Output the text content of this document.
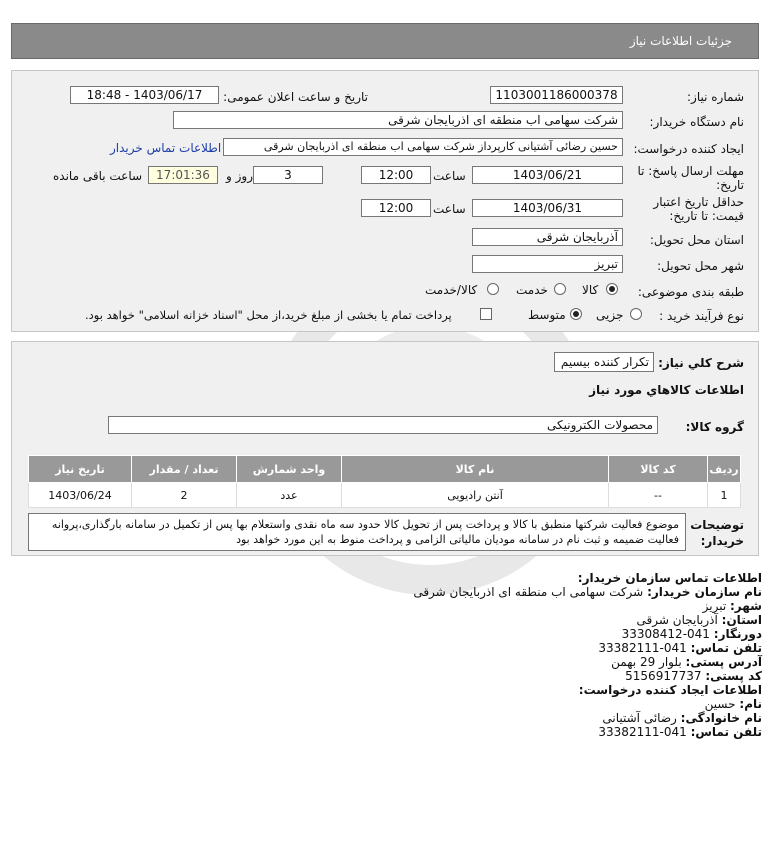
جزئیات اطلاعات نیاز
شماره نیاز:
1103001186000378
تاریخ و ساعت اعلان عمومی:
1403/06/17 - 18:48
نام دستگاه خریدار:
شرکت سهامی اب منطقه ای اذربایجان شرقی
ایجاد کننده درخواست:
حسین رضائی آشتیانی کارپرداز شرکت سهامی اب منطقه ای اذربایجان شرقی
اطلاعات تماس خریدار
مهلت ارسال پاسخ: تا
تاریخ:
1403/06/21
ساعت
12:00
3
روز و
17:01:36
ساعت باقی مانده
حداقل تاریخ اعتبار
قیمت: تا تاریخ:
1403/06/31
ساعت
12:00
استان محل تحویل:
آذربایجان شرقی
شهر محل تحویل:
تبریز
طبقه بندی موضوعی:
کالا
خدمت
کالا/خدمت
نوع فرآیند خرید :
جزیی
متوسط
پرداخت تمام یا بخشی از مبلغ خرید،از محل "اسناد خزانه اسلامی" خواهد بود.
شرح کلي نياز:
تکرار کننده بیسیم
اطلاعات کالاهاي مورد نياز
گروه کالا:
محصولات الکترونیکی
ردیف	کد کالا	نام کالا	واحد شمارش	تعداد / مقدار	تاریخ نیاز
1	--	آنتن رادیویی	عدد	2	1403/06/24
توضیحات
خریدار:
موضوع فعالیت شرکتها منطبق با کالا و پرداخت پس از تحویل کالا حدود سه ماه نقدی واستعلام بها پس از تکمیل در سامانه بارگذاری،پروانه فعالیت ضمیمه و ثبت نام در سامانه مودیان مالیاتی الزامی و پرداخت منوط به این مورد خواهد بود
اطلاعات تماس سازمان خریدار:
نام سازمان خریدار: شرکت سهامی اب منطقه ای اذربایجان شرقی
شهر: تبریز
استان: آذربایجان شرقی
دورنگار: 041-33308412
تلفن تماس: 041-33382111
آدرس پستی: بلوار 29 بهمن
کد پستی: 5156917737
اطلاعات ایجاد کننده درخواست:
نام: حسین
نام خانوادگی: رضائی آشتیانی
تلفن تماس: 041-33382111
